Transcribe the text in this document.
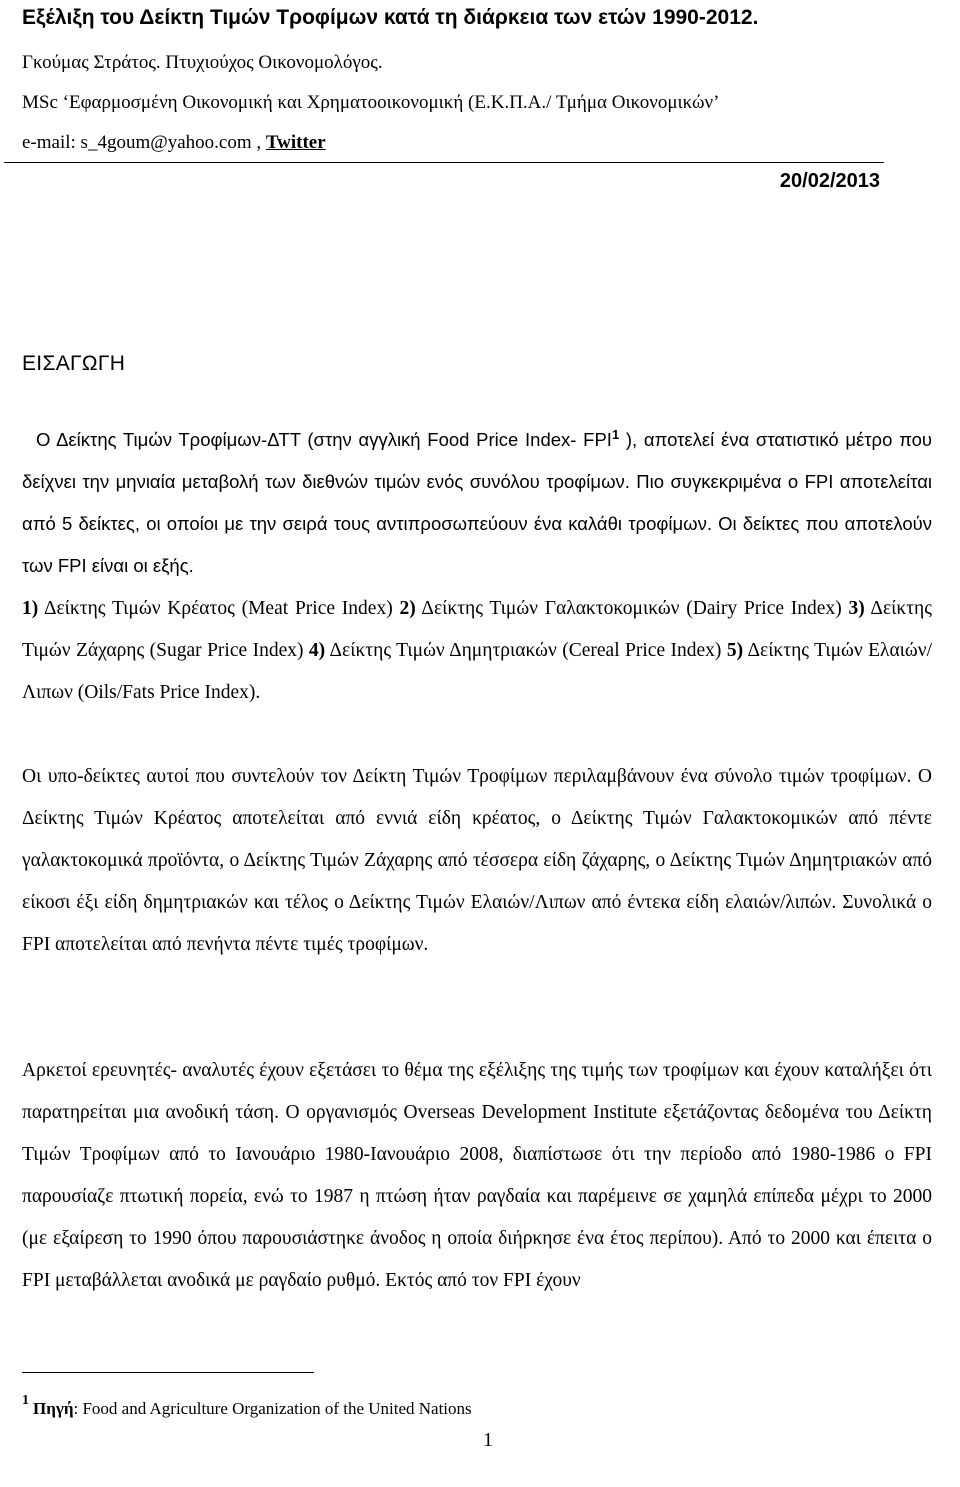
Εξέλιξη του Δείκτη Τιμών Τροφίμων κατά τη διάρκεια των ετών 1990-2012.
Γκούμας Στράτος. Πτυχιούχος Οικονομολόγος.
MSc ‘Εφαρμοσμένη Οικονομική και Χρηματοοικονομική (Ε.Κ.Π.Α./ Τμήμα Οικονομικών’
e-mail: s_4goum@yahoo.com , Twitter
20/02/2013
ΕΙΣΑΓΩΓΗ
Ο Δείκτης Τιμών Τροφίμων-ΔΤΤ (στην αγγλική Food Price Index- FPI$^1$ ), αποτελεί ένα στατιστικό μέτρο που δείχνει την μηνιαία μεταβολή των διεθνών τιμών ενός συνόλου τροφίμων. Πιο συγκεκριμένα ο FPI αποτελείται από 5 δείκτες, οι οποίοι με την σειρά τους αντιπροσωπεύουν ένα καλάθι τροφίμων. Οι δείκτες που αποτελούν των FPI είναι οι εξής.
1) Δείκτης Τιμών Κρέατος (Meat Price Index) 2) Δείκτης Τιμών Γαλακτοκομικών (Dairy Price Index) 3) Δείκτης Τιμών Ζάχαρης (Sugar Price Index) 4) Δείκτης Τιμών Δημητριακών (Cereal Price Index) 5) Δείκτης Τιμών Ελαιών/Λιπων (Oils/Fats Price Index).
Οι υπο-δείκτες αυτοί που συντελούν τον Δείκτη Τιμών Τροφίμων περιλαμβάνουν ένα σύνολο τιμών τροφίμων. Ο Δείκτης Τιμών Κρέατος αποτελείται από εννιά είδη κρέατος, ο Δείκτης Τιμών Γαλακτοκομικών από πέντε γαλακτοκομικά προϊόντα, ο Δείκτης Τιμών Ζάχαρης από τέσσερα είδη ζάχαρης, ο Δείκτης Τιμών Δημητριακών από είκοσι έξι είδη δημητριακών και τέλος ο Δείκτης Τιμών Ελαιών/Λιπων από έντεκα είδη ελαιών/λιπών. Συνολικά ο FPI αποτελείται από πενήντα πέντε τιμές τροφίμων.
Αρκετοί ερευνητές- αναλυτές έχουν εξετάσει το θέμα της εξέλιξης της τιμής των τροφίμων και έχουν καταλήξει ότι παρατηρείται μια ανοδική τάση. Ο οργανισμός Overseas Development Institute εξετάζοντας δεδομένα του Δείκτη Τιμών Τροφίμων από το Ιανουάριο 1980-Ιανουάριο 2008, διαπίστωσε ότι την περίοδο από 1980-1986 ο FPI παρουσίαζε πτωτική πορεία, ενώ το 1987 η πτώση ήταν ραγδαία και παρέμεινε σε χαμηλά επίπεδα μέχρι το 2000 (με εξαίρεση το 1990 όπου παρουσιάστηκε άνοδος η οποία διήρκησε ένα έτος περίπου). Από το 2000 και έπειτα ο FPI μεταβάλλεται ανοδικά με ραγδαίο ρυθμό. Εκτός από τον FPI έχουν
$^1$ Πηγή: Food and Agriculture Organization of the United Nations
1
